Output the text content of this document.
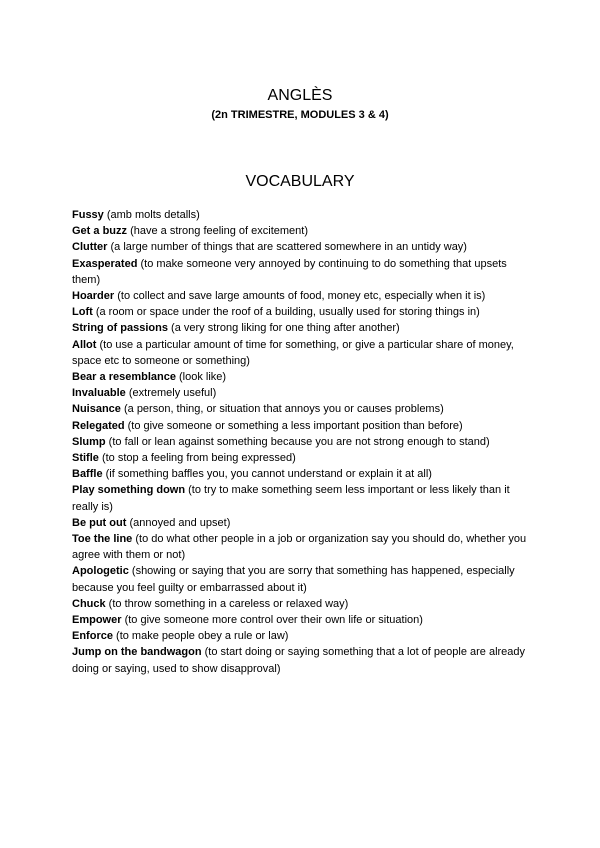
ANGLÈS
(2n TRIMESTRE, MODULES 3 & 4)
VOCABULARY
Fussy (amb molts detalls)
Get a buzz (have a strong feeling of excitement)
Clutter (a large number of things that are scattered somewhere in an untidy way)
Exasperated (to make someone very annoyed by continuing to do something that upsets them)
Hoarder (to collect and save large amounts of food, money etc, especially when it is)
Loft (a room or space under the roof of a building, usually used for storing things in)
String of passions (a very strong liking for one thing after another)
Allot (to use a particular amount of time for something, or give a particular share of money, space etc to someone or something)
Bear a resemblance (look like)
Invaluable (extremely useful)
Nuisance (a person, thing, or situation that annoys you or causes problems)
Relegated (to give someone or something a less important position than before)
Slump (to fall or lean against something because you are not strong enough to stand)
Stifle (to stop a feeling from being expressed)
Baffle (if something baffles you, you cannot understand or explain it at all)
Play something down (to try to make something seem less important or less likely than it really is)
Be put out (annoyed and upset)
Toe the line (to do what other people in a job or organization say you should do, whether you agree with them or not)
Apologetic (showing or saying that you are sorry that something has happened, especially because you feel guilty or embarrassed about it)
Chuck (to throw something in a careless or relaxed way)
Empower (to give someone more control over their own life or situation)
Enforce (to make people obey a rule or law)
Jump on the bandwagon (to start doing or saying something that a lot of people are already doing or saying, used to show disapproval)
